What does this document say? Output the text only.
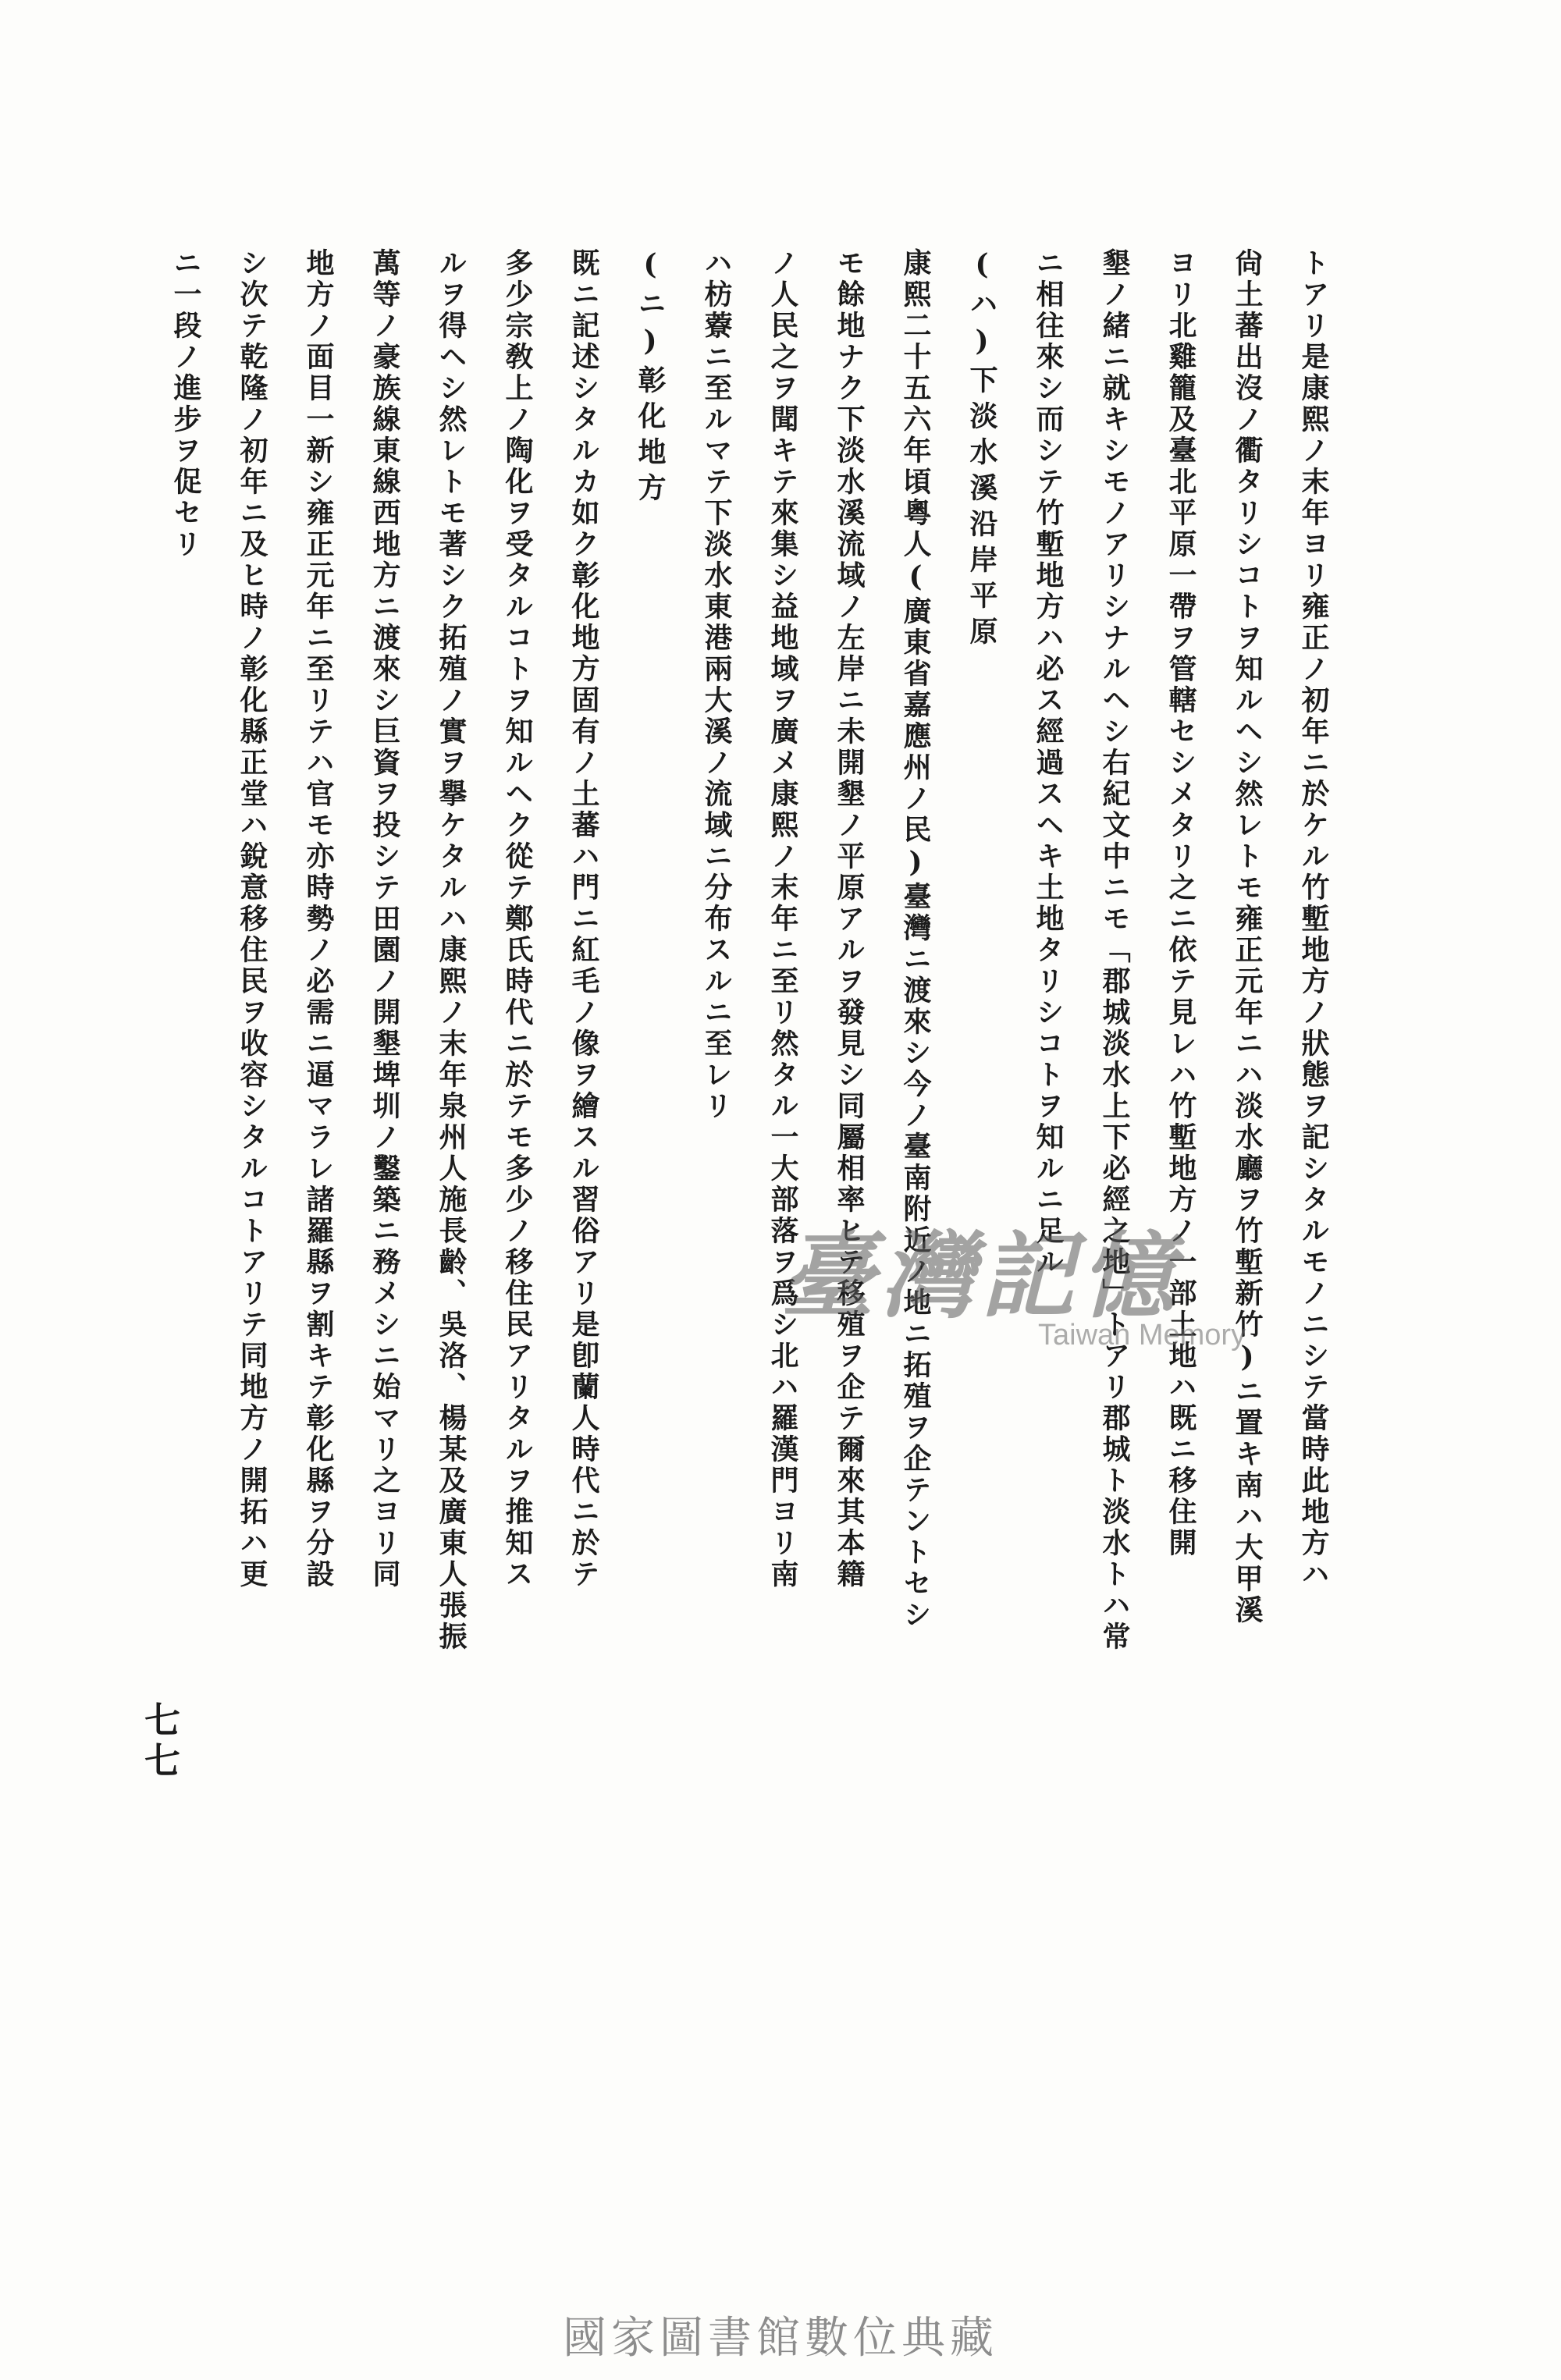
トアリ是康熙ノ末年ヨリ雍正ノ初年ニ於ケル竹塹地方ノ狀態ヲ記シタルモノニシテ當時此地方ハ
尙土蕃出沒ノ衢タリシコトヲ知ルヘシ然レトモ雍正元年ニハ淡水廳ヲ竹塹新竹)ニ置キ南ハ大甲溪
ヨリ北雞籠及臺北平原一帶ヲ管轄セシメタリ之ニ依テ見レハ竹塹地方ノ一部土地ハ既ニ移住開
墾ノ緒ニ就キシモノアリシナルヘシ右紀文中ニモ「郡城淡水上下必經之地」トアリ郡城ト淡水トハ常
ニ相往來シ而シテ竹塹地方ハ必ス經過スヘキ土地タリシコトヲ知ルニ足ル
(ハ)下淡水溪沿岸平原
康熙二十五六年頃粵人(廣東省嘉應州ノ民)臺灣ニ渡來シ今ノ臺南附近ノ地ニ拓殖ヲ企テントセシ
モ餘地ナク下淡水溪流域ノ左岸ニ未開墾ノ平原アルヲ發見シ同屬相率ヒテ移殖ヲ企テ爾來其本籍
ノ人民之ヲ聞キテ來集シ益地域ヲ廣メ康熙ノ末年ニ至リ然タル一大部落ヲ爲シ北ハ羅漢門ヨリ南
ハ枋藔ニ至ルマテ下淡水東港兩大溪ノ流域ニ分布スルニ至レリ
(ニ)彰化地方
既ニ記述シタルカ如ク彰化地方固有ノ土蕃ハ門ニ紅毛ノ像ヲ繪スル習俗アリ是卽蘭人時代ニ於テ
多少宗敎上ノ陶化ヲ受タルコトヲ知ルヘク從テ鄭氏時代ニ於テモ多少ノ移住民アリタルヲ推知ス
ルヲ得ヘシ然レトモ著シク拓殖ノ實ヲ擧ケタルハ康熙ノ末年泉州人施長齡、吳洛、楊某及廣東人張振
萬等ノ豪族線東線西地方ニ渡來シ巨資ヲ投シテ田園ノ開墾埤圳ノ鑿築ニ務メシニ始マリ之ヨリ同
地方ノ面目一新シ雍正元年ニ至リテハ官モ亦時勢ノ必需ニ逼マラレ諸羅縣ヲ割キテ彰化縣ヲ分設
シ次テ乾隆ノ初年ニ及ヒ時ノ彰化縣正堂ハ銳意移住民ヲ收容シタルコトアリテ同地方ノ開拓ハ更
ニ一段ノ進步ヲ促セリ
七七
臺灣記憶
Taiwan Memory
國家圖書館數位典藏
